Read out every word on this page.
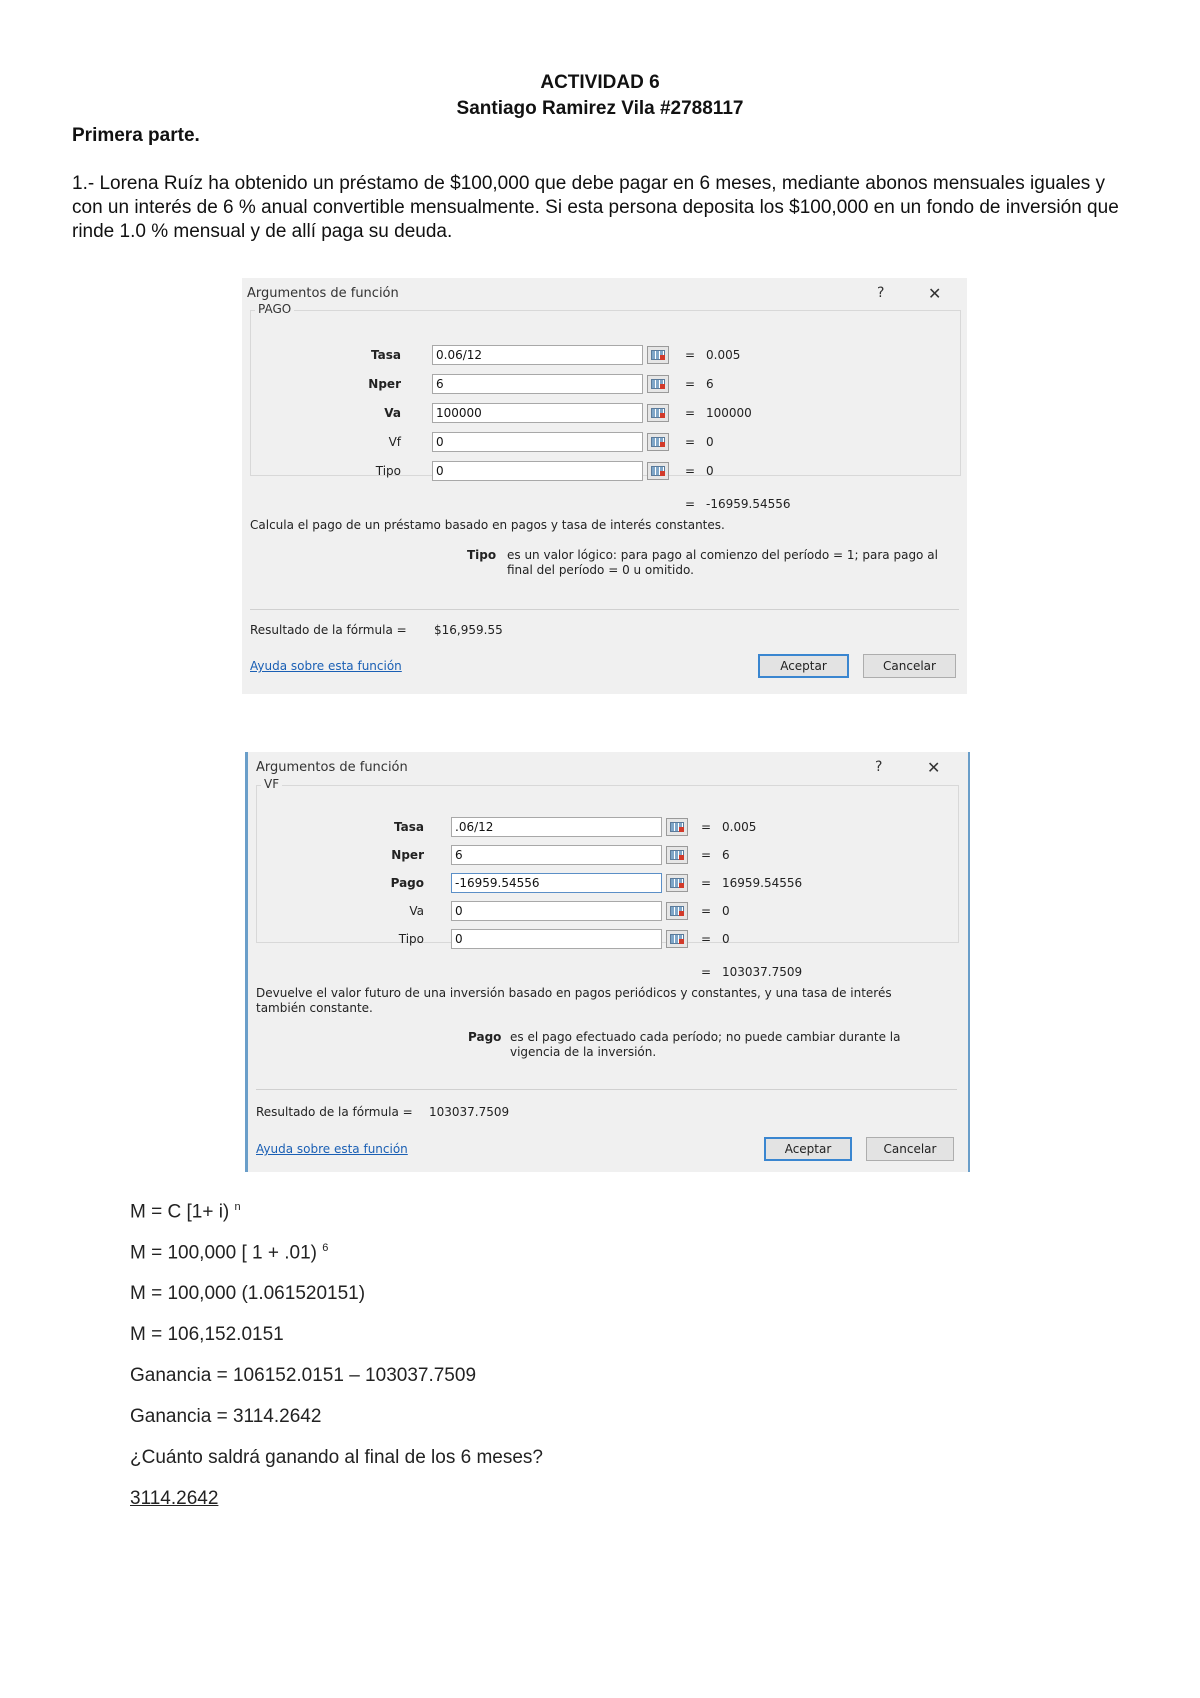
ACTIVIDAD 6
Santiago Ramirez Vila #2788117
Primera parte.
1.- Lorena Ruíz ha obtenido un préstamo de $100,000 que debe pagar en 6 meses, mediante abonos mensuales iguales y con un interés de 6 % anual convertible mensualmente. Si esta persona deposita los $100,000 en un fondo de inversión que rinde 1.0 % mensual y de allí paga su deuda.
Argumentos de función	?	✕
PAGO
Tasa	0.06/12	= 0.005
Nper	6	= 6
Va	100000	= 100000
Vf	0	= 0
Tipo	0	= 0
= -16959.54556
Calcula el pago de un préstamo basado en pagos y tasa de interés constantes.
Tipo es un valor lógico: para pago al comienzo del período = 1; para pago al final del período = 0 u omitido.
Resultado de la fórmula = $16,959.55
Ayuda sobre esta función	Aceptar	Cancelar
Argumentos de función	?	✕
VF
Tasa	.06/12	= 0.005
Nper	6	= 6
Pago	-16959.54556	= 16959.54556
Va	0	= 0
Tipo	0	= 0
= 103037.7509
Devuelve el valor futuro de una inversión basado en pagos periódicos y constantes, y una tasa de interés también constante.
Pago es el pago efectuado cada período; no puede cambiar durante la vigencia de la inversión.
Resultado de la fórmula = 103037.7509
Ayuda sobre esta función	Aceptar	Cancelar
M = C [1+ i) $^n$
M = 100,000 [ 1 + .01) $^6$
M = 100,000 (1.061520151)
M = 106,152.0151
Ganancia = 106152.0151 – 103037.7509
Ganancia = 3114.2642
¿Cuánto saldrá ganando al final de los 6 meses?
3114.2642
